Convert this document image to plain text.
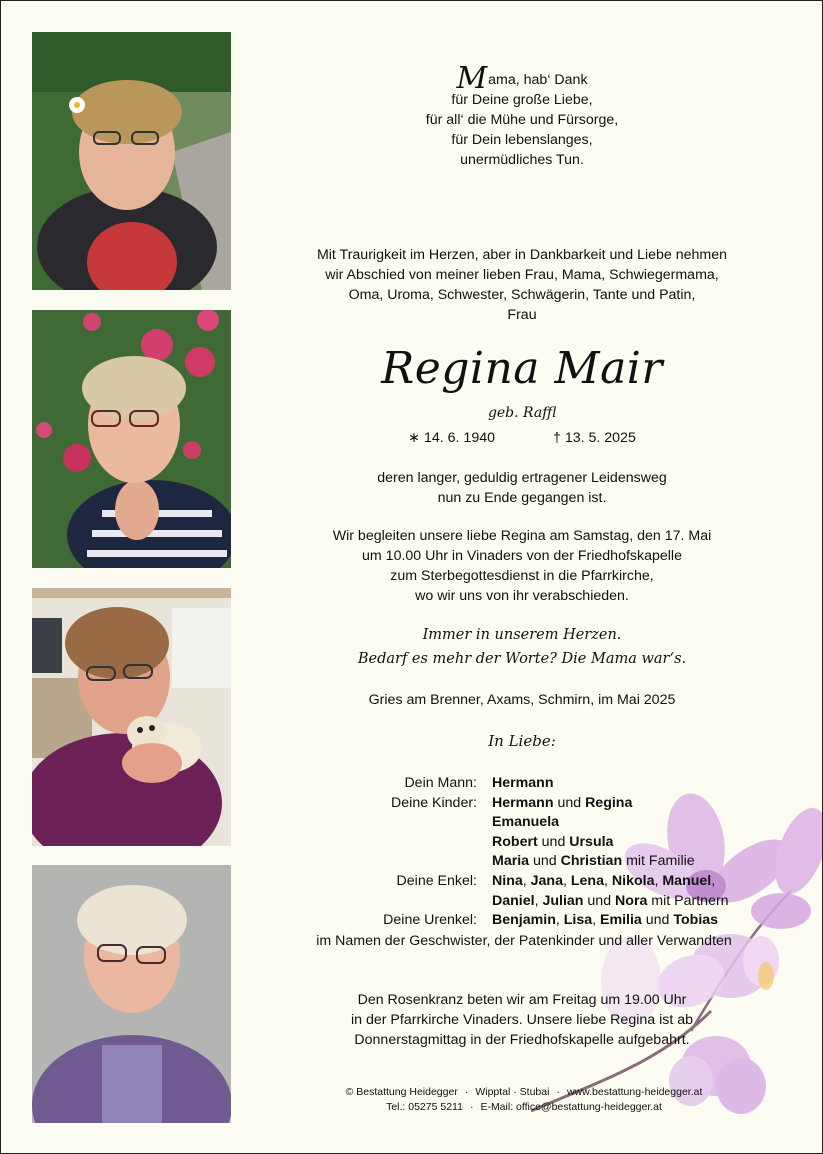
Mama, hab‘ Dank
für Deine große Liebe,
für all‘ die Mühe und Fürsorge,
für Dein lebenslanges,
unermüdliches Tun.
Mit Traurigkeit im Herzen, aber in Dankbarkeit und Liebe nehmen
wir Abschied von meiner lieben Frau, Mama, Schwiegermama,
Oma, Uroma, Schwester, Schwägerin, Tante und Patin,
Frau
Regina Mair
geb. Raffl
∗ 14. 6. 1940	† 13. 5. 2025
deren langer, geduldig ertragener Leidensweg
nun zu Ende gegangen ist.
Wir begleiten unsere liebe Regina am Samstag, den 17. Mai
um 10.00 Uhr in Vinaders von der Friedhofskapelle
zum Sterbegottesdienst in die Pfarrkirche,
wo wir uns von ihr verabschieden.
Immer in unserem Herzen.
Bedarf es mehr der Worte? Die Mama war‘s.
Gries am Brenner, Axams, Schmirn, im Mai 2025
In Liebe:
Dein Mann:	Hermann
Deine Kinder:	Hermann und Regina
Emanuela
Robert und Ursula
Maria und Christian mit Familie
Deine Enkel:	Nina, Jana, Lena, Nikola, Manuel,
Daniel, Julian und Nora mit Partnern
Deine Urenkel:	Benjamin, Lisa, Emilia und Tobias
im Namen der Geschwister, der Patenkinder und aller Verwandten
Den Rosenkranz beten wir am Freitag um 19.00 Uhr
in der Pfarrkirche Vinaders. Unsere liebe Regina ist ab
Donnerstagmittag in der Friedhofskapelle aufgebahrt.
© Bestattung Heidegger · Wipptal · Stubai · www.bestattung-heidegger.at
Tel.: 05275 5211 · E-Mail: office@bestattung-heidegger.at
